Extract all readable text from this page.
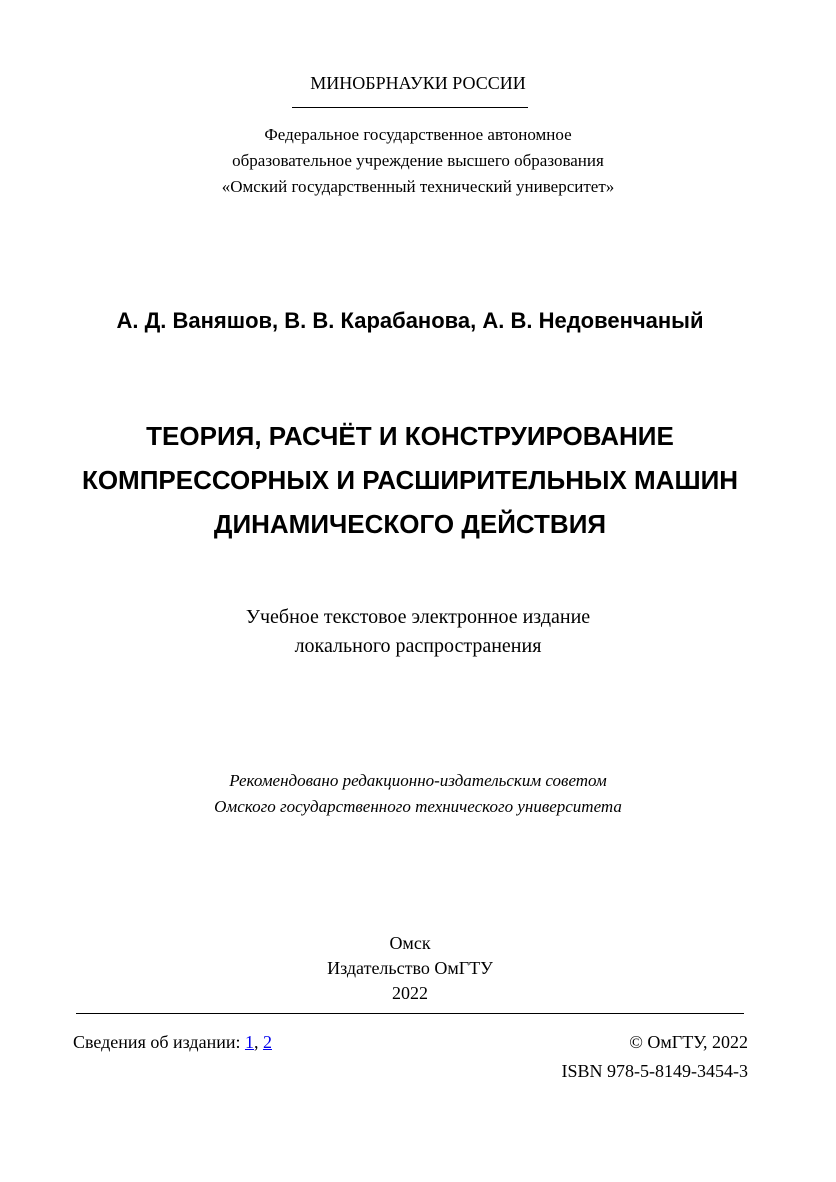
МИНОБРНАУКИ РОССИИ
Федеральное государственное автономное
образовательное учреждение высшего образования
«Омский государственный технический университет»
А. Д. Ваняшов, В. В. Карабанова, А. В. Недовенчаный
ТЕОРИЯ, РАСЧЁТ И КОНСТРУИРОВАНИЕ
КОМПРЕССОРНЫХ И РАСШИРИТЕЛЬНЫХ МАШИН
ДИНАМИЧЕСКОГО ДЕЙСТВИЯ
Учебное текстовое электронное издание
локального распространения
Рекомендовано редакционно-издательским советом
Омского государственного технического университета
Омск
Издательство ОмГТУ
2022
Сведения об издании: 1, 2	© ОмГТУ, 2022
ISBN 978-5-8149-3454-3
